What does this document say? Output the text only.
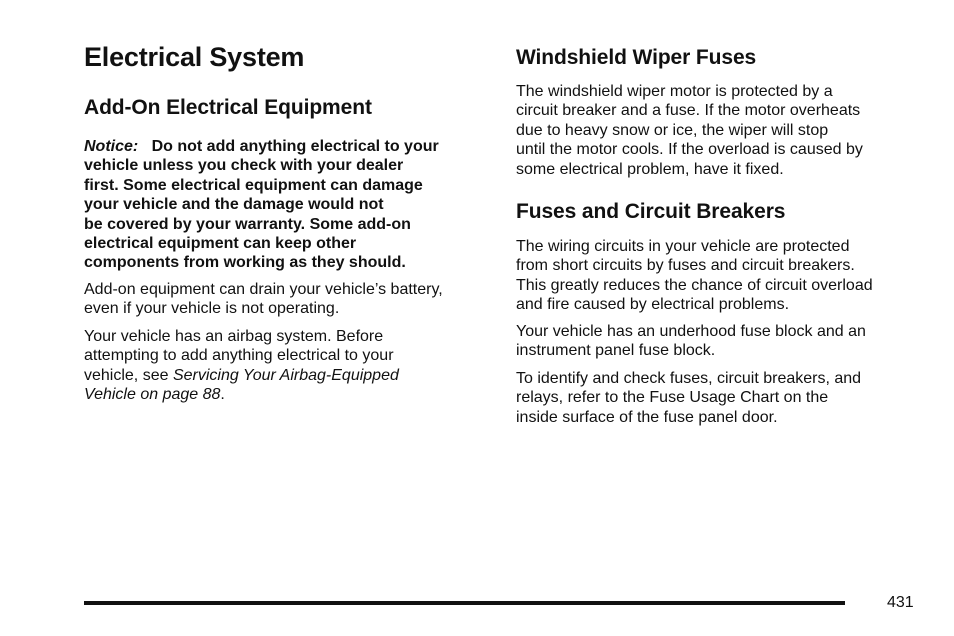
Electrical System
Add-On Electrical Equipment

Notice: Do not add anything electrical to your
vehicle unless you check with your dealer
first. Some electrical equipment can damage
your vehicle and the damage would not
be covered by your warranty. Some add-on
electrical equipment can keep other
components from working as they should.

Add-on equipment can drain your vehicle’s battery,
even if your vehicle is not operating.

Your vehicle has an airbag system. Before
attempting to add anything electrical to your
vehicle, see Servicing Your Airbag-Equipped
Vehicle on page 88.

Windshield Wiper Fuses

The windshield wiper motor is protected by a
circuit breaker and a fuse. If the motor overheats
due to heavy snow or ice, the wiper will stop
until the motor cools. If the overload is caused by
some electrical problem, have it fixed.

Fuses and Circuit Breakers

The wiring circuits in your vehicle are protected
from short circuits by fuses and circuit breakers.
This greatly reduces the chance of circuit overload
and fire caused by electrical problems.

Your vehicle has an underhood fuse block and an
instrument panel fuse block.

To identify and check fuses, circuit breakers, and
relays, refer to the Fuse Usage Chart on the
inside surface of the fuse panel door.

431
